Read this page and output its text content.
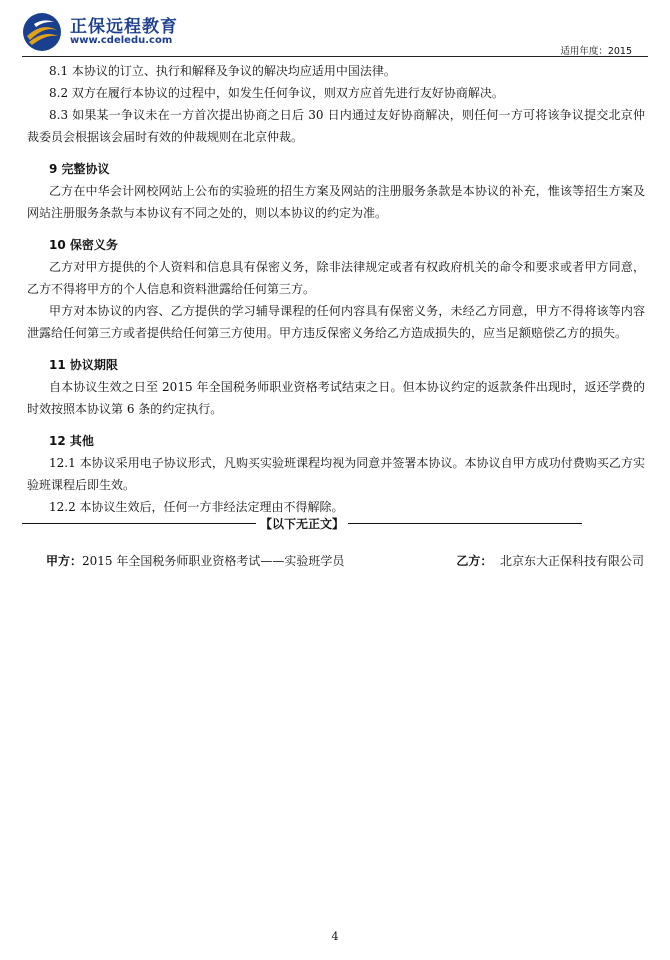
正保远程教育
www.cdeledu.com
适用年度：2015

8.1 本协议的订立、执行和解释及争议的解决均应适用中国法律。

8.2 双方在履行本协议的过程中，如发生任何争议，则双方应首先进行友好协商解决。

8.3 如果某一争议未在一方首次提出协商之日后 30 日内通过友好协商解决，则任何一方可将该争议提交北京仲裁委员会根据该会届时有效的仲裁规则在北京仲裁。

9 完整协议

乙方在中华会计网校网站上公布的实验班的招生方案及网站的注册服务条款是本协议的补充，惟该等招生方案及网站注册服务条款与本协议有不同之处的，则以本协议的约定为准。

10 保密义务

乙方对甲方提供的个人资料和信息具有保密义务，除非法律规定或者有权政府机关的命令和要求或者甲方同意，乙方不得将甲方的个人信息和资料泄露给任何第三方。

甲方对本协议的内容、乙方提供的学习辅导课程的任何内容具有保密义务，未经乙方同意，甲方不得将该等内容泄露给任何第三方或者提供给任何第三方使用。甲方违反保密义务给乙方造成损失的，应当足额赔偿乙方的损失。

11 协议期限

自本协议生效之日至 2015 年全国税务师职业资格考试结束之日。但本协议约定的返款条件出现时，返还学费的时效按照本协议第 6 条的约定执行。

12 其他

12.1 本协议采用电子协议形式，凡购买实验班课程均视为同意并签署本协议。本协议自甲方成功付费购买乙方实验班课程后即生效。

12.2 本协议生效后，任何一方非经法定理由不得解除。

【以下无正文】
甲方：2015 年全国税务师职业资格考试——实验班学员	乙方： 北京东大正保科技有限公司
4
